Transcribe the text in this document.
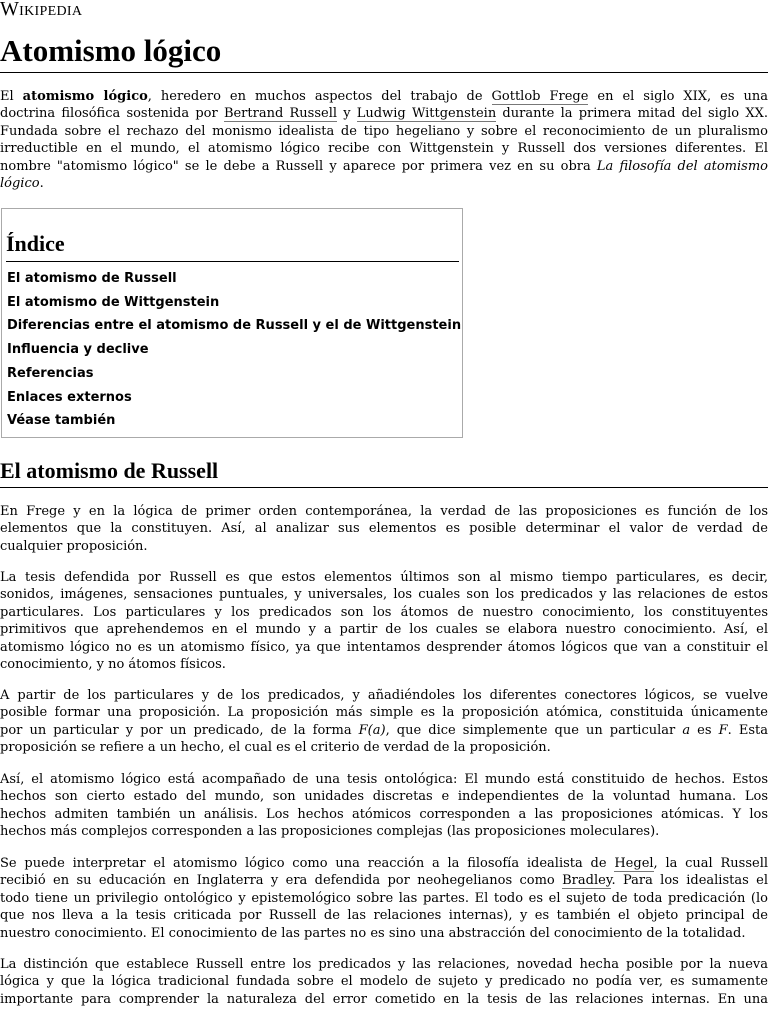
Wikipedia
Atomismo lógico
El atomismo lógico, heredero en muchos aspectos del trabajo de Gottlob Frege en el siglo XIX, es una
doctrina filosófica sostenida por Bertrand Russell y Ludwig Wittgenstein durante la primera mitad del siglo XX.
Fundada sobre el rechazo del monismo idealista de tipo hegeliano y sobre el reconocimiento de un pluralismo
irreductible en el mundo, el atomismo lógico recibe con Wittgenstein y Russell dos versiones diferentes. El
nombre "atomismo lógico" se le debe a Russell y aparece por primera vez en su obra La filosofía del atomismo
lógico.
Índice
El atomismo de Russell
El atomismo de Wittgenstein
Diferencias entre el atomismo de Russell y el de Wittgenstein
Influencia y declive
Referencias
Enlaces externos
Véase también
El atomismo de Russell
En Frege y en la lógica de primer orden contemporánea, la verdad de las proposiciones es función de los
elementos que la constituyen. Así, al analizar sus elementos es posible determinar el valor de verdad de
cualquier proposición.
La tesis defendida por Russell es que estos elementos últimos son al mismo tiempo particulares, es decir,
sonidos, imágenes, sensaciones puntuales, y universales, los cuales son los predicados y las relaciones de estos
particulares. Los particulares y los predicados son los átomos de nuestro conocimiento, los constituyentes
primitivos que aprehendemos en el mundo y a partir de los cuales se elabora nuestro conocimiento. Así, el
atomismo lógico no es un atomismo físico, ya que intentamos desprender átomos lógicos que van a constituir el
conocimiento, y no átomos físicos.
A partir de los particulares y de los predicados, y añadiéndoles los diferentes conectores lógicos, se vuelve
posible formar una proposición. La proposición más simple es la proposición atómica, constituida únicamente
por un particular y por un predicado, de la forma F(a), que dice simplemente que un particular a es F. Esta
proposición se refiere a un hecho, el cual es el criterio de verdad de la proposición.
Así, el atomismo lógico está acompañado de una tesis ontológica: El mundo está constituido de hechos. Estos
hechos son cierto estado del mundo, son unidades discretas e independientes de la voluntad humana. Los
hechos admiten también un análisis. Los hechos atómicos corresponden a las proposiciones atómicas. Y los
hechos más complejos corresponden a las proposiciones complejas (las proposiciones moleculares).
Se puede interpretar el atomismo lógico como una reacción a la filosofía idealista de Hegel, la cual Russell
recibió en su educación en Inglaterra y era defendida por neohegelianos como Bradley. Para los idealistas el
todo tiene un privilegio ontológico y epistemológico sobre las partes. El todo es el sujeto de toda predicación (lo
que nos lleva a la tesis criticada por Russell de las relaciones internas), y es también el objeto principal de
nuestro conocimiento. El conocimiento de las partes no es sino una abstracción del conocimiento de la totalidad.
La distinción que establece Russell entre los predicados y las relaciones, novedad hecha posible por la nueva
lógica y que la lógica tradicional fundada sobre el modelo de sujeto y predicado no podía ver, es sumamente
importante para comprender la naturaleza del error cometido en la tesis de las relaciones internas. En una
